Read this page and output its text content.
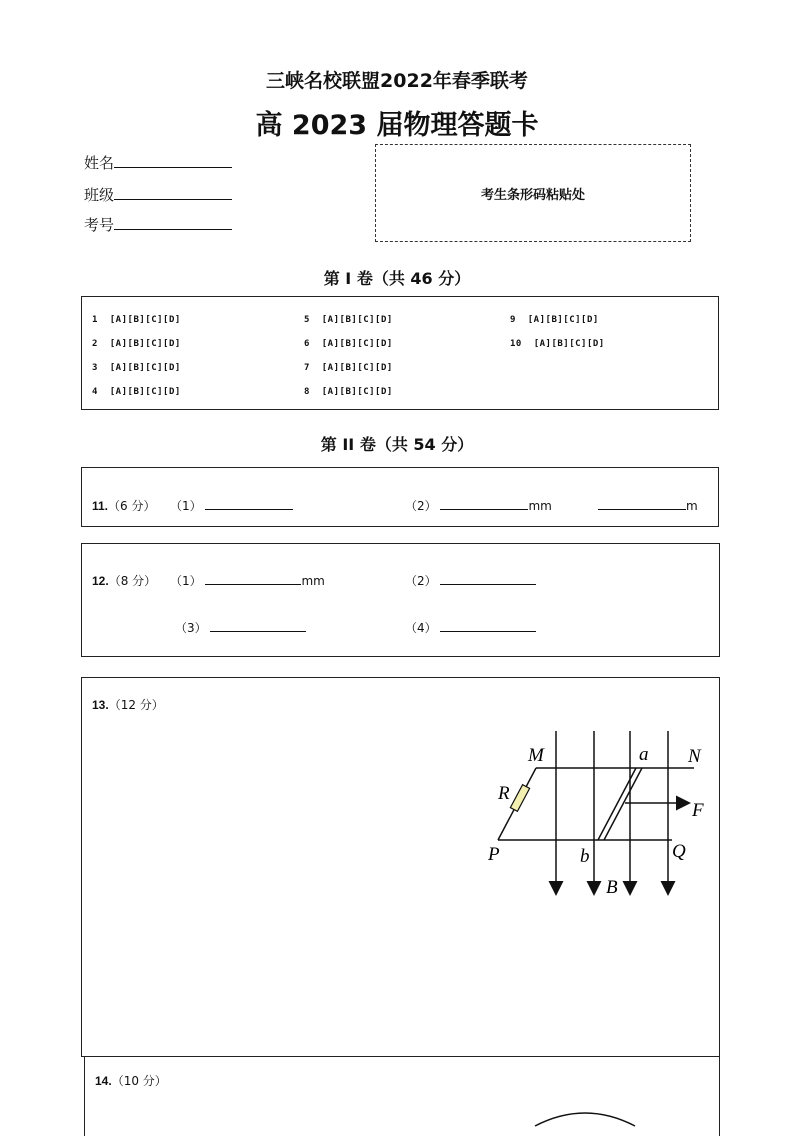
三峡名校联盟2022年春季联考
高 2023 届物理答题卡
姓名
班级
考号
考生条形码粘贴处
第 I 卷（共 46 分）
1 [A][B][C][D]
2 [A][B][C][D]
3 [A][B][C][D]
4 [A][B][C][D]
5 [A][B][C][D]
6 [A][B][C][D]
7 [A][B][C][D]
8 [A][B][C][D]
9 [A][B][C][D]
10 [A][B][C][D]
第 II 卷（共 54 分）
11.（6 分） （1）	（2）	mm	m
12.（8 分） （1）	mm	（2）
（3）	（4）
13.（12 分）
M	N
a
R
F
P	b	Q
B
14.（10 分）
